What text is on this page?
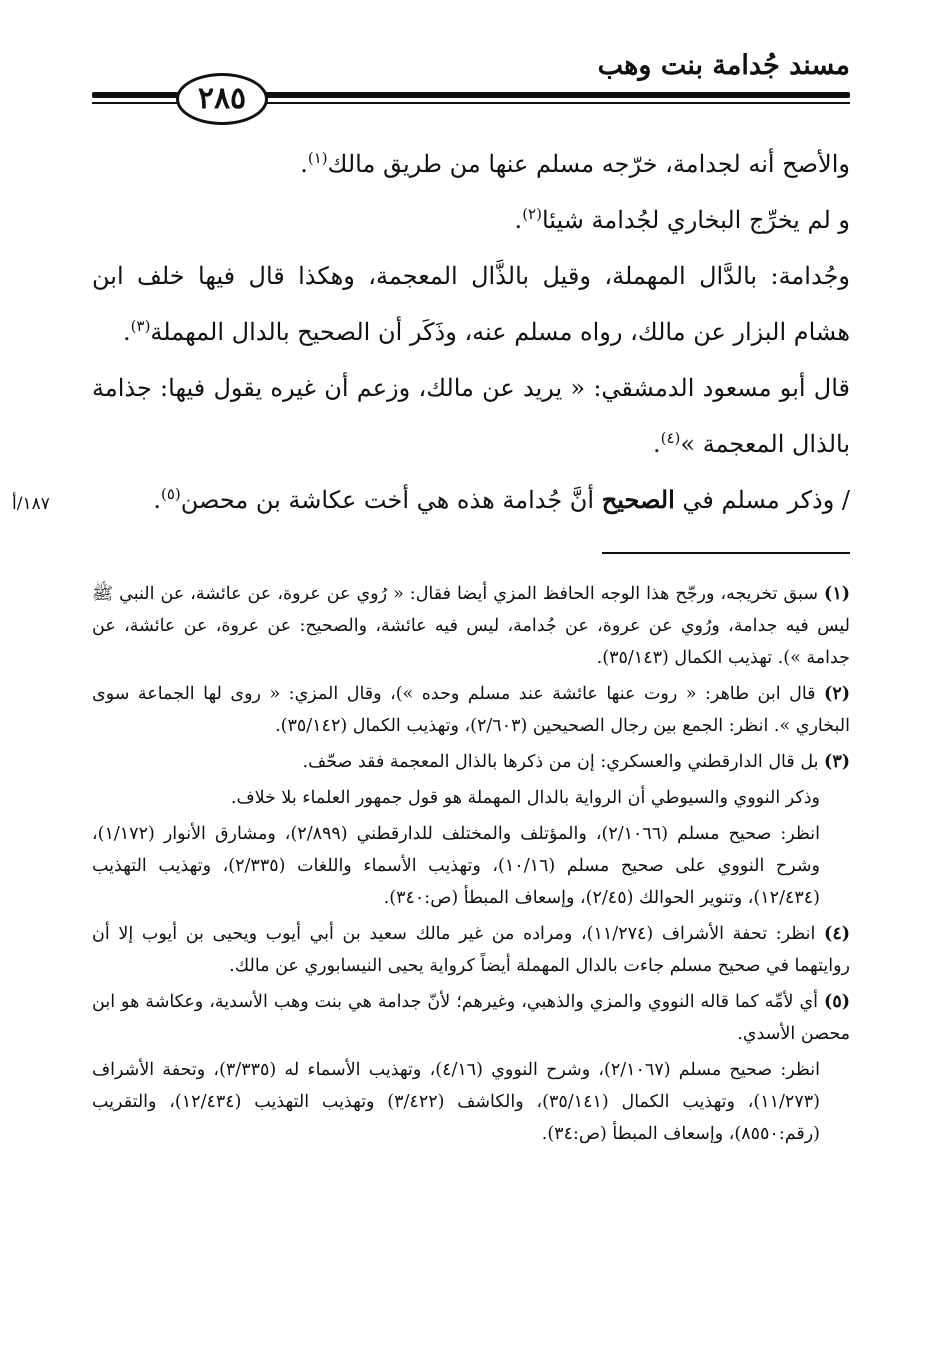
مسند جُدامة بنت وهب
٢٨٥

والأصح أنه لجدامة، خرّجه مسلم عنها من طريق مالك$^{(١)}$.

و لم يخرِّج البخاري لجُدامة شيئا$^{(٢)}$.

وجُدامة: بالدَّال المهملة، وقيل بالذَّال المعجمة، وهكذا قال فيها خلف ابن هشام البزار عن مالك، رواه مسلم عنه، وذَكَر أن الصحيح بالدال المهملة$^{(٣)}$.

قال أبو مسعود الدمشقي: « يريد عن مالك، وزعم أن غيره يقول فيها: جذامة بالذال المعجمة »$^{(٤)}$.

/ وذكر مسلم في الصحيح أنَّ جُدامة هذه هي أخت عكاشة بن محصن$^{(٥)}$.

١٨٧/أ

(١) سبق تخريجه، ورجّح هذا الوجه الحافظ المزي أيضا فقال: « رُوي عن عروة، عن عائشة، عن النبي ﷺ ليس فيه جدامة، ورُوي عن عروة، عن جُدامة، ليس فيه عائشة، والصحيح: عن عروة، عن عائشة، عن جدامة »). تهذيب الكمال (٣٥/١٤٣).

(٢) قال ابن طاهر: « روت عنها عائشة عند مسلم وحده »)، وقال المزي: « روى لها الجماعة سوى البخاري ». انظر: الجمع بين رجال الصحيحين (٢/٦٠٣)، وتهذيب الكمال (٣٥/١٤٢).

(٣) بل قال الدارقطني والعسكري: إن من ذكرها بالذال المعجمة فقد صحّف.

وذكر النووي والسيوطي أن الرواية بالدال المهملة هو قول جمهور العلماء بلا خلاف.

انظر: صحيح مسلم (٢/١٠٦٦)، والمؤتلف والمختلف للدارقطني (٢/٨٩٩)، ومشارق الأنوار (١/١٧٢)، وشرح النووي على صحيح مسلم (١٠/١٦)، وتهذيب الأسماء واللغات (٢/٣٣٥)، وتهذيب التهذيب (١٢/٤٣٤)، وتنوير الحوالك (٢/٤٥)، وإسعاف المبطأ (ص:٣٤٠).

(٤) انظر: تحفة الأشراف (١١/٢٧٤)، ومراده من غير مالك سعيد بن أبي أيوب ويحيى بن أيوب إلا أن روايتهما في صحيح مسلم جاءت بالدال المهملة أيضاً كرواية يحيى النيسابوري عن مالك.

(٥) أي لأمِّه كما قاله النووي والمزي والذهبي، وغيرهم؛ لأنّ جدامة هي بنت وهب الأسدية، وعكاشة هو ابن محصن الأسدي.

انظر: صحيح مسلم (٢/١٠٦٧)، وشرح النووي (٤/١٦)، وتهذيب الأسماء له (٣/٣٣٥)، وتحفة الأشراف (١١/٢٧٣)، وتهذيب الكمال (٣٥/١٤١)، والكاشف (٣/٤٢٢) وتهذيب التهذيب (١٢/٤٣٤)، والتقريب (رقم:٨٥٥٠)، وإسعاف المبطأ (ص:٣٤).
